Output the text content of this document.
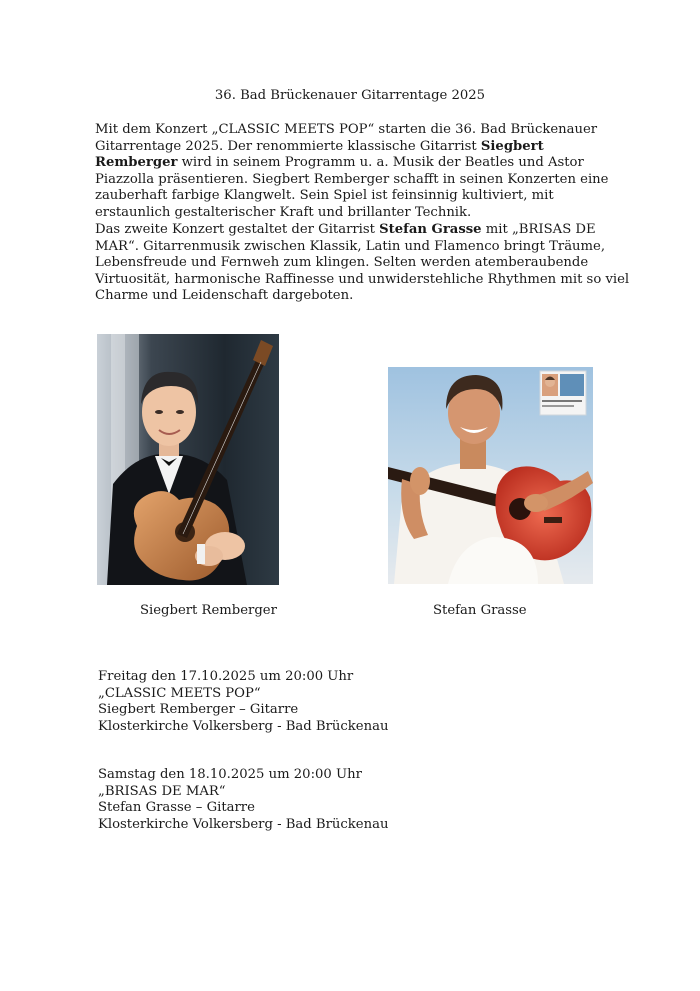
36. Bad Brückenauer Gitarrentage 2025
Mit dem Konzert „CLASSIC MEETS POP“ starten die 36. Bad Brückenauer Gitarrentage 2025. Der renommierte klassische Gitarrist Siegbert Remberger wird in seinem Programm u. a. Musik der Beatles und Astor Piazzolla präsentieren. Siegbert Remberger schafft in seinen Konzerten eine zauberhaft farbige Klangwelt. Sein Spiel ist feinsinnig kultiviert, mit erstaunlich gestalterischer Kraft und brillanter Technik.
Das zweite Konzert gestaltet der Gitarrist Stefan Grasse mit „BRISAS DE MAR“. Gitarrenmusik zwischen Klassik, Latin und Flamenco bringt Träume, Lebensfreude und Fernweh zum klingen. Selten werden atemberaubende Virtuosität, harmonische Raffinesse und unwiderstehliche Rhythmen mit so viel Charme und Leidenschaft dargeboten.
Siegbert Remberger	Stefan Grasse
Freitag den 17.10.2025 um 20:00 Uhr
„CLASSIC MEETS POP“
Siegbert Remberger – Gitarre
Klosterkirche Volkersberg - Bad Brückenau
Samstag den 18.10.2025 um 20:00 Uhr
„BRISAS DE MAR“
Stefan Grasse – Gitarre
Klosterkirche Volkersberg - Bad Brückenau
